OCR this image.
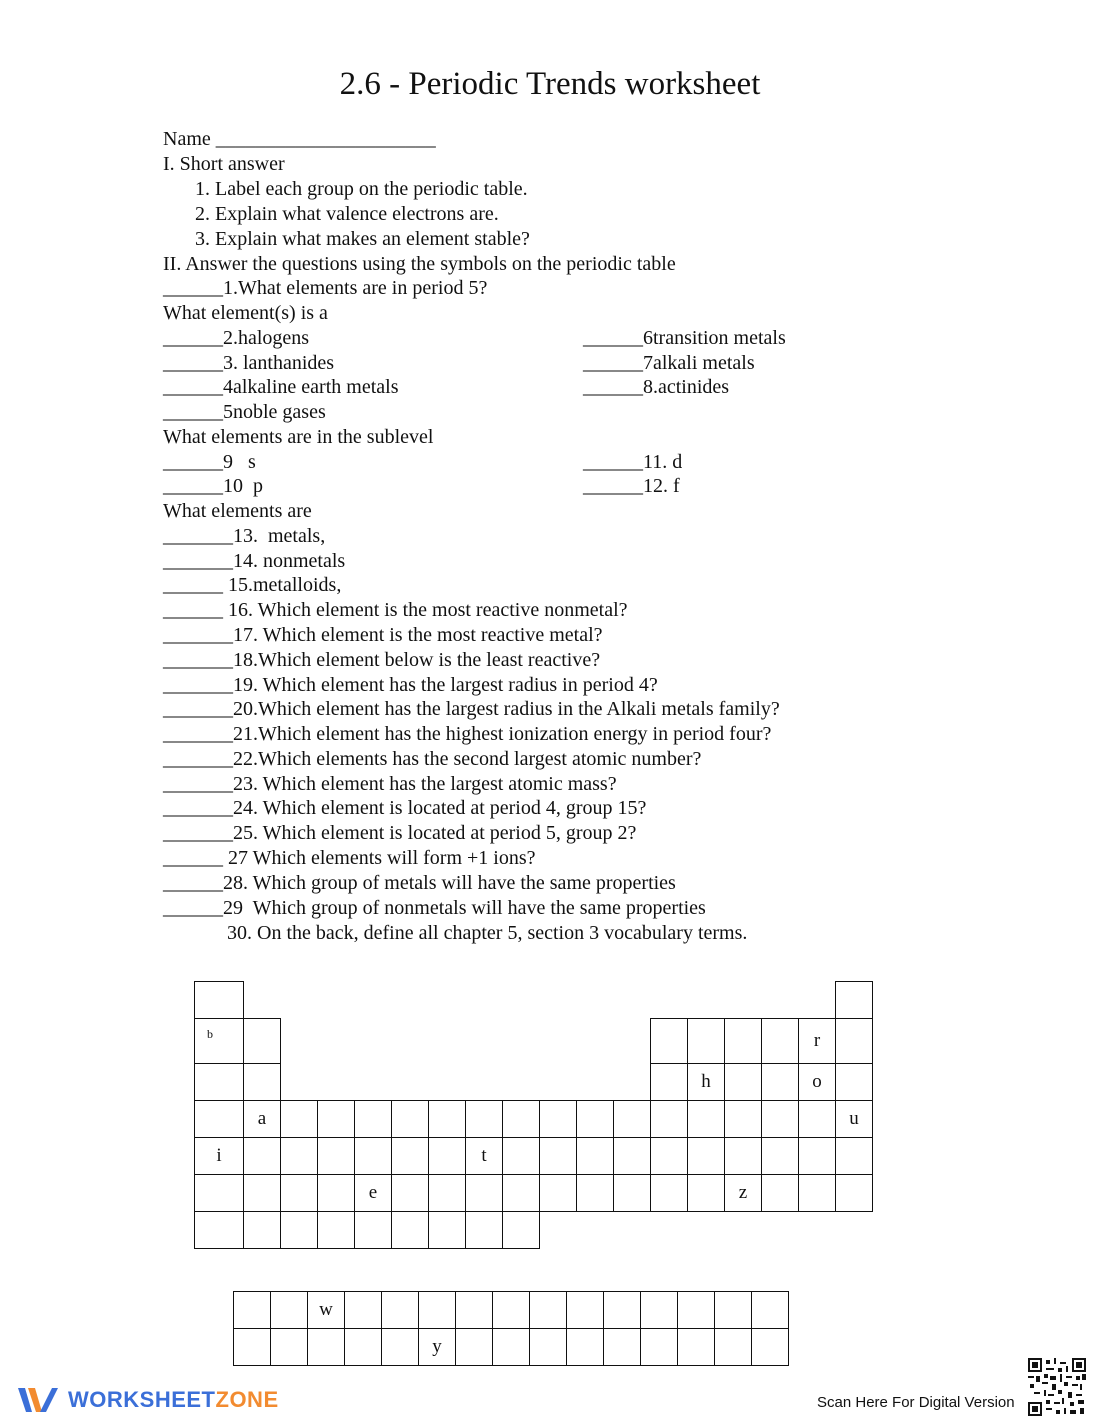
2.6 - Periodic Trends worksheet
Name ______________________
I. Short answer
1. Label each group on the periodic table.
2. Explain what valence electrons are.
3. Explain what makes an element stable?
II. Answer the questions using the symbols on the periodic table
______1.What elements are in period 5?
What element(s) is a
______2.halogens
______3. lanthanides
______4alkaline earth metals
______5noble gases
______6transition metals
______7alkali metals
______8.actinides
What elements are in the sublevel
______9   s
______10  p
______11. d
______12. f
What elements are
_______13.  metals,
_______14. nonmetals
______ 15.metalloids,
______ 16. Which element is the most reactive nonmetal?
_______17. Which element is the most reactive metal?
_______18.Which element below is the least reactive?
_______19. Which element has the largest radius in period 4?
_______20.Which element has the largest radius in the Alkali metals family?
_______21.Which element has the highest ionization energy in period four?
_______22.Which elements has the second largest atomic number?
_______23. Which element has the largest atomic mass?
_______24. Which element is located at period 4, group 15?
_______25. Which element is located at period 5, group 2?
______ 27 Which elements will form +1 ions?
______28. Which group of metals will have the same properties
______29  Which group of nonmetals will have the same properties
30. On the back, define all chapter 5, section 3 vocabulary terms.

b																r	
													h			o	
	a																u
i							t										
				e										z			

		w												
					y									
WORKSHEETZONE	Scan Here For Digital Version
